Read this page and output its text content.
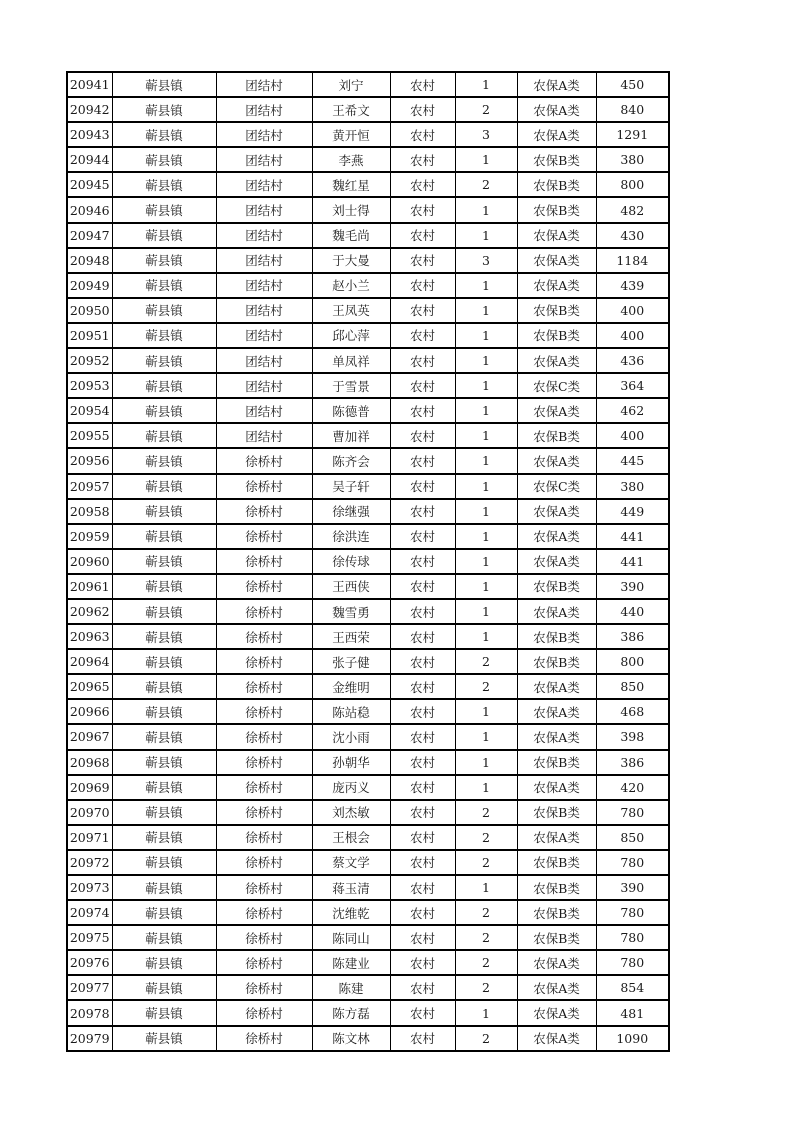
20941	蕲县镇	团结村	刘宁	农村	1	农保A类	450
20942	蕲县镇	团结村	王希文	农村	2	农保A类	840
20943	蕲县镇	团结村	黄开恒	农村	3	农保A类	1291
20944	蕲县镇	团结村	李燕	农村	1	农保B类	380
20945	蕲县镇	团结村	魏红星	农村	2	农保B类	800
20946	蕲县镇	团结村	刘士得	农村	1	农保B类	482
20947	蕲县镇	团结村	魏毛尚	农村	1	农保A类	430
20948	蕲县镇	团结村	于大曼	农村	3	农保A类	1184
20949	蕲县镇	团结村	赵小兰	农村	1	农保A类	439
20950	蕲县镇	团结村	王凤英	农村	1	农保B类	400
20951	蕲县镇	团结村	邱心萍	农村	1	农保B类	400
20952	蕲县镇	团结村	单凤祥	农村	1	农保A类	436
20953	蕲县镇	团结村	于雪景	农村	1	农保C类	364
20954	蕲县镇	团结村	陈德普	农村	1	农保A类	462
20955	蕲县镇	团结村	曹加祥	农村	1	农保B类	400
20956	蕲县镇	徐桥村	陈齐会	农村	1	农保A类	445
20957	蕲县镇	徐桥村	吴子轩	农村	1	农保C类	380
20958	蕲县镇	徐桥村	徐继强	农村	1	农保A类	449
20959	蕲县镇	徐桥村	徐洪连	农村	1	农保A类	441
20960	蕲县镇	徐桥村	徐传球	农村	1	农保A类	441
20961	蕲县镇	徐桥村	王西侠	农村	1	农保B类	390
20962	蕲县镇	徐桥村	魏雪勇	农村	1	农保A类	440
20963	蕲县镇	徐桥村	王西荣	农村	1	农保B类	386
20964	蕲县镇	徐桥村	张子健	农村	2	农保B类	800
20965	蕲县镇	徐桥村	金维明	农村	2	农保A类	850
20966	蕲县镇	徐桥村	陈站稳	农村	1	农保A类	468
20967	蕲县镇	徐桥村	沈小雨	农村	1	农保A类	398
20968	蕲县镇	徐桥村	孙朝华	农村	1	农保B类	386
20969	蕲县镇	徐桥村	庞丙义	农村	1	农保A类	420
20970	蕲县镇	徐桥村	刘杰敏	农村	2	农保B类	780
20971	蕲县镇	徐桥村	王根会	农村	2	农保A类	850
20972	蕲县镇	徐桥村	蔡文学	农村	2	农保B类	780
20973	蕲县镇	徐桥村	蒋玉清	农村	1	农保B类	390
20974	蕲县镇	徐桥村	沈维乾	农村	2	农保B类	780
20975	蕲县镇	徐桥村	陈同山	农村	2	农保B类	780
20976	蕲县镇	徐桥村	陈建业	农村	2	农保A类	780
20977	蕲县镇	徐桥村	陈建	农村	2	农保A类	854
20978	蕲县镇	徐桥村	陈方磊	农村	1	农保A类	481
20979	蕲县镇	徐桥村	陈文林	农村	2	农保A类	1090
